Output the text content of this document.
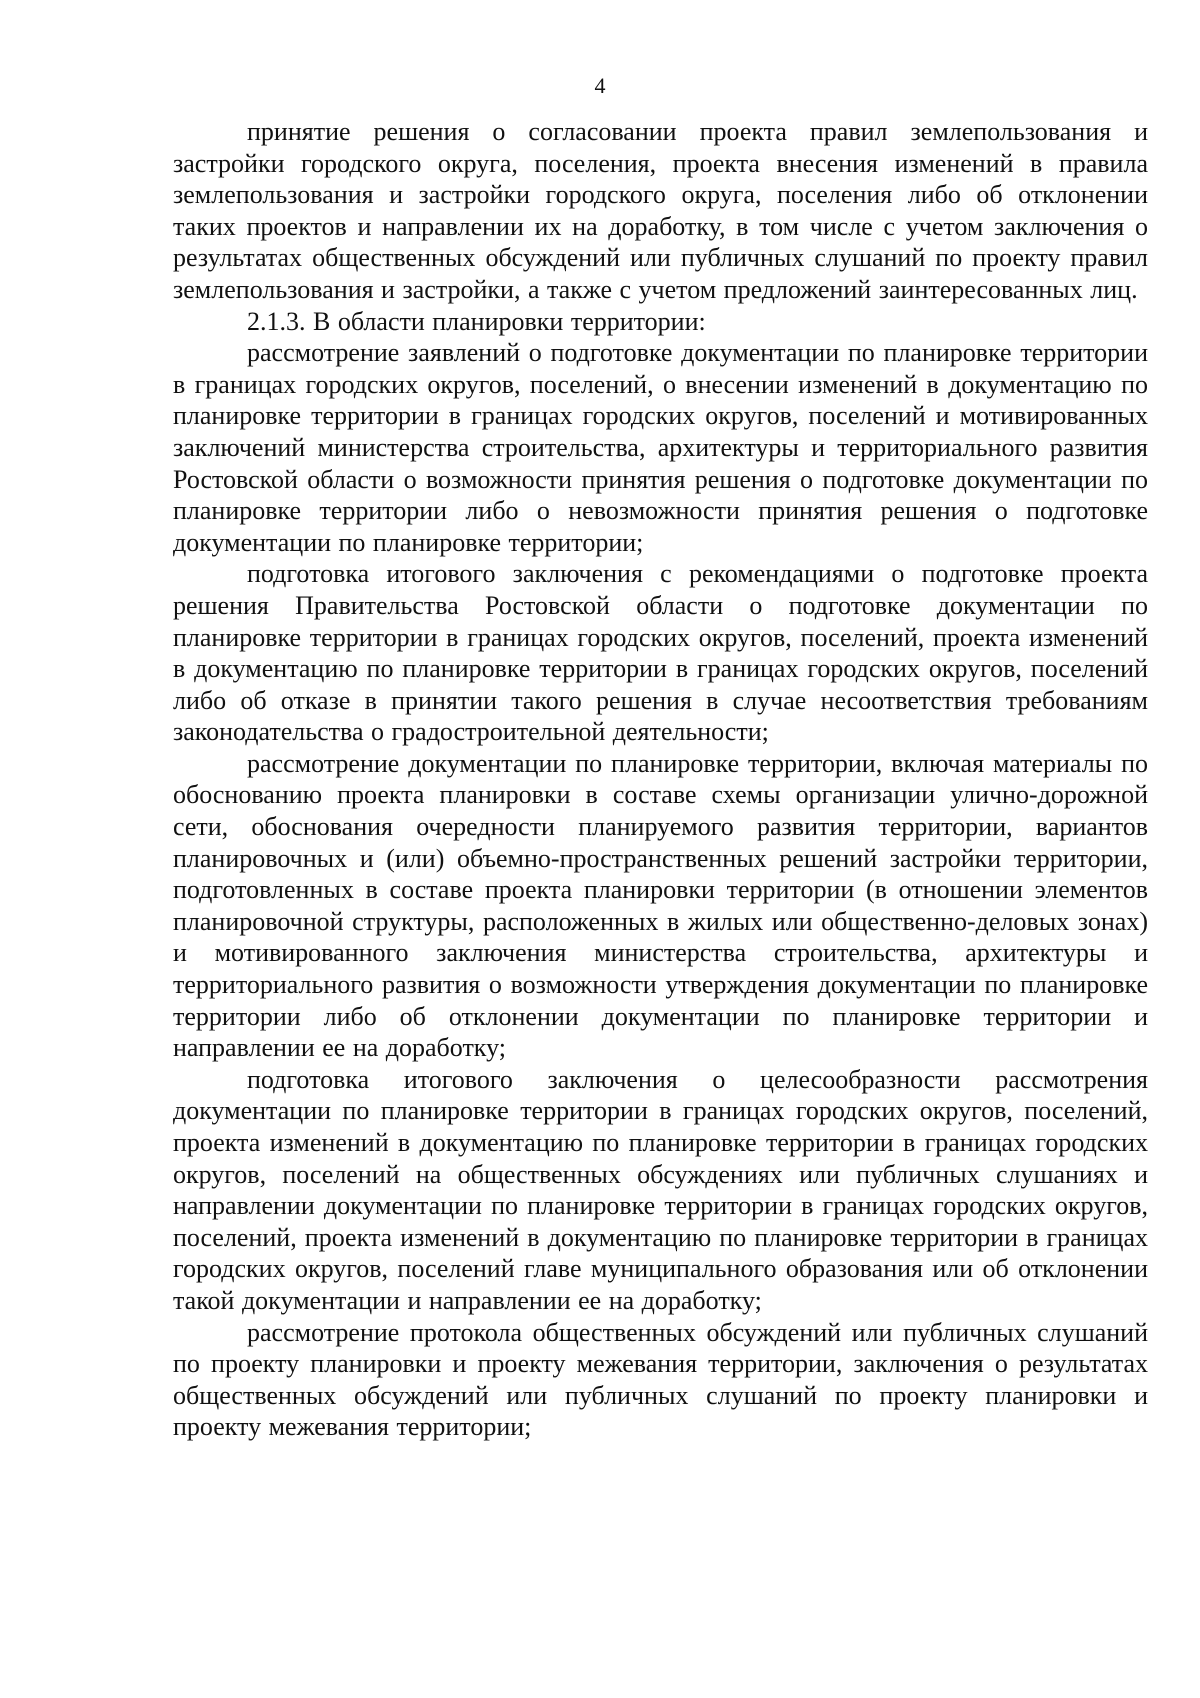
4

принятие решения о согласовании проекта правил землепользования и застройки городского округа, поселения, проекта внесения изменений в правила землепользования и застройки городского округа, поселения либо об отклонении таких проектов и направлении их на доработку, в том числе с учетом заключения о результатах общественных обсуждений или публичных слушаний по проекту правил землепользования и застройки, а также с учетом предложений заинтересованных лиц.

2.1.3. В области планировки территории:

рассмотрение заявлений о подготовке документации по планировке территории в границах городских округов, поселений, о внесении изменений в документацию по планировке территории в границах городских округов, поселений и мотивированных заключений министерства строительства, архитектуры и территориального развития Ростовской области о возможности принятия решения о подготовке документации по планировке территории либо о невозможности принятия решения о подготовке документации по планировке территории;

подготовка итогового заключения с рекомендациями о подготовке проекта решения Правительства Ростовской области о подготовке документации по планировке территории в границах городских округов, поселений, проекта изменений в документацию по планировке территории в границах городских округов, поселений либо об отказе в принятии такого решения в случае несоответствия требованиям законодательства о градостроительной деятельности;

рассмотрение документации по планировке территории, включая материалы по обоснованию проекта планировки в составе схемы организации улично-дорожной сети, обоснования очередности планируемого развития территории, вариантов планировочных и (или) объемно-пространственных решений застройки территории, подготовленных в составе проекта планировки территории (в отношении элементов планировочной структуры, расположенных в жилых или общественно-деловых зонах) и мотивированного заключения министерства строительства, архитектуры и территориального развития о возможности утверждения документации по планировке территории либо об отклонении документации по планировке территории и направлении ее на доработку;

подготовка итогового заключения о целесообразности рассмотрения документации по планировке территории в границах городских округов, поселений, проекта изменений в документацию по планировке территории в границах городских округов, поселений на общественных обсуждениях или публичных слушаниях и направлении документации по планировке территории в границах городских округов, поселений, проекта изменений в документацию по планировке территории в границах городских округов, поселений главе муниципального образования или об отклонении такой документации и направлении ее на доработку;

рассмотрение протокола общественных обсуждений или публичных слушаний по проекту планировки и проекту межевания территории, заключения о результатах общественных обсуждений или публичных слушаний по проекту планировки и проекту межевания территории;
